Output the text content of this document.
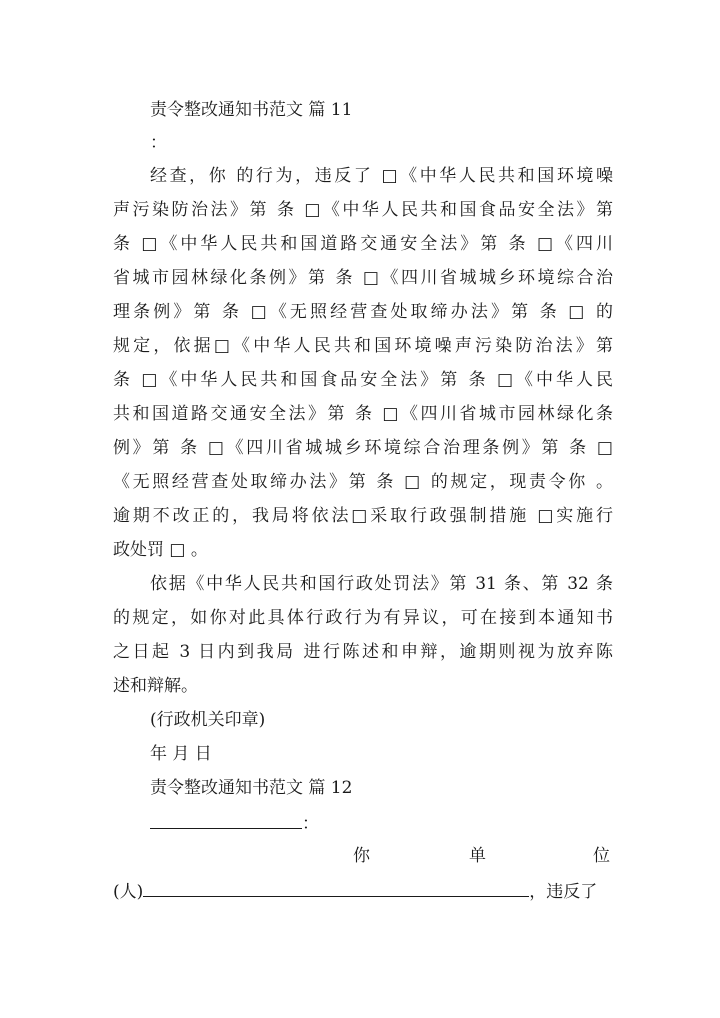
责令整改通知书范文 篇 11
：
经查，你 的行为，违反了 □《中华人民共和国环境噪
声污染防治法》第 条 □《中华人民共和国食品安全法》第
条 □《中华人民共和国道路交通安全法》第 条 □《四川
省城市园林绿化条例》第 条 □《四川省城城乡环境综合治
理条例》第 条 □《无照经营查处取缔办法》第 条 □ 的
规定，依据□《中华人民共和国环境噪声污染防治法》第
条 □《中华人民共和国食品安全法》第 条 □《中华人民
共和国道路交通安全法》第 条 □《四川省城市园林绿化条
例》第 条 □《四川省城城乡环境综合治理条例》第 条 □
《无照经营查处取缔办法》第 条 □ 的规定，现责令你 。
逾期不改正的，我局将依法□采取行政强制措施 □实施行
政处罚 □ 。
依据《中华人民共和国行政处罚法》第 31 条、第 32 条
的规定，如你对此具体行政行为有异议，可在接到本通知书
之日起 3 日内到我局 进行陈述和申辩，逾期则视为放弃陈
述和辩解。
(行政机关印章)
年 月 日
责令整改通知书范文 篇 12
：
你	单	位
(人)	，违反了
